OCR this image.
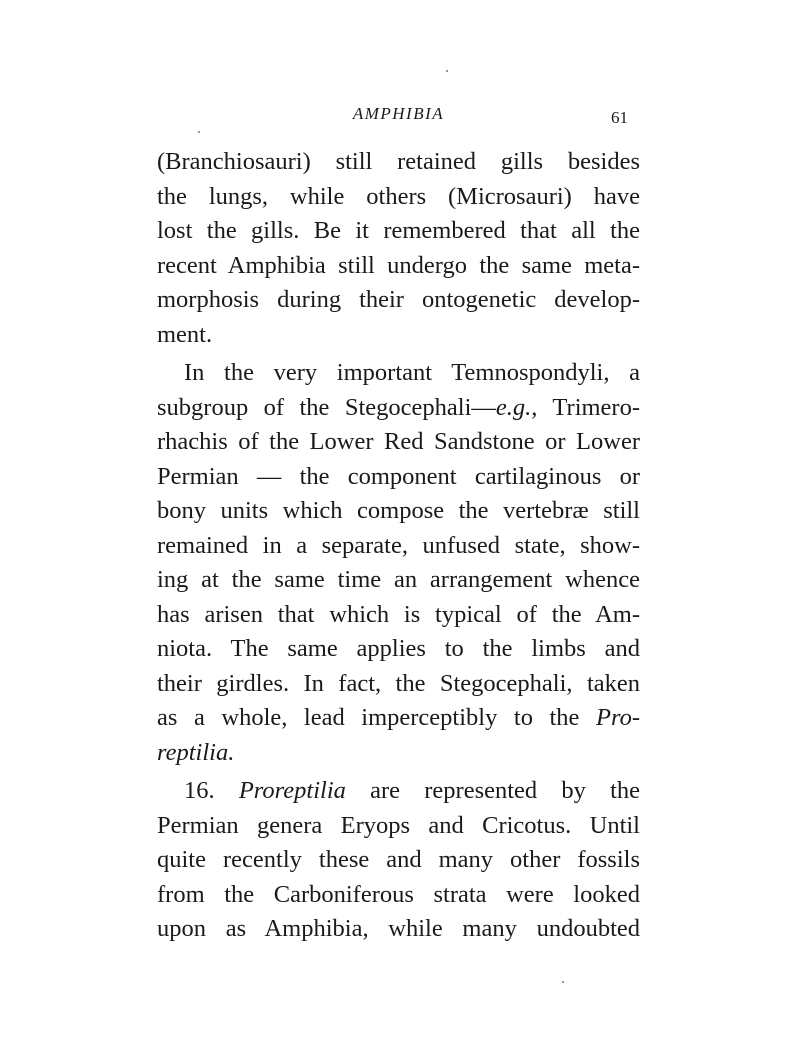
AMPHIBIA	61
(Branchiosauri) still retained gills besides
the lungs, while others (Microsauri) have
lost the gills. Be it remembered that all the
recent Amphibia still undergo the same meta-
morphosis during their ontogenetic develop-
ment.
In the very important Temnospondyli, a
subgroup of the Stegocephali—e.g., Trimero-
rhachis of the Lower Red Sandstone or Lower
Permian — the component cartilaginous or
bony units which compose the vertebræ still
remained in a separate, unfused state, show-
ing at the same time an arrangement whence
has arisen that which is typical of the Am-
niota. The same applies to the limbs and
their girdles. In fact, the Stegocephali, taken
as a whole, lead imperceptibly to the Pro-
reptilia.
16. Proreptilia are represented by the
Permian genera Eryops and Cricotus. Until
quite recently these and many other fossils
from the Carboniferous strata were looked
upon as Amphibia, while many undoubted
